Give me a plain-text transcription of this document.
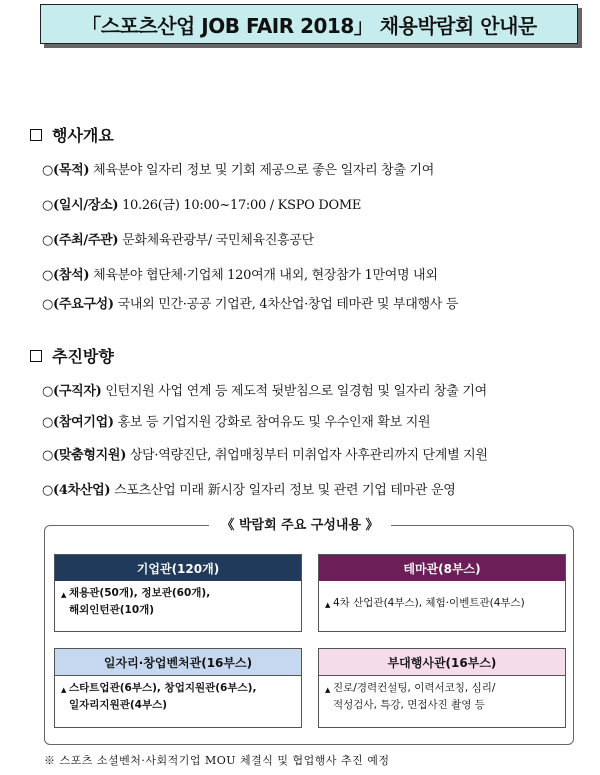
「스포츠산업 JOB FAIR 2018」 채용박람회 안내문
행사개요
○(목적) 체육분야 일자리 정보 및 기회 제공으로 좋은 일자리 창출 기여
○(일시/장소) 10.26(금) 10:00~17:00 / KSPO DOME
○(주최/주관) 문화체육관광부/ 국민체육진흥공단
○(참석) 체육분야 협단체·기업체 120여개 내외, 현장참가 1만여명 내외
○(주요구성) 국내외 민간·공공 기업관, 4차산업·창업 테마관 및 부대행사 등
추진방향
○(구직자) 인턴지원 사업 연계 등 제도적 뒷받침으로 일경험 및 일자리 창출 기여
○(참여기업) 홍보 등 기업지원 강화로 참여유도 및 우수인재 확보 지원
○(맞춤형지원) 상담·역량진단, 취업매칭부터 미취업자 사후관리까지 단계별 지원
○(4차산업) 스포츠산업 미래 新시장 일자리 정보 및 관련 기업 테마관 운영
《 박람회 주요 구성내용 》
기업관(120개)
▲ 채용관(50개), 정보관(60개),
해외인턴관(10개)
테마관(8부스)
▲ 4차 산업관(4부스), 체험·이벤트관(4부스)
일자리·창업벤처관(16부스)
▲ 스타트업관(6부스), 창업지원관(6부스),
일자리지원관(4부스)
부대행사관(16부스)
▲ 진로/경력컨설팅, 이력서코칭, 심리/
적성검사, 특강, 면접사진 촬영 등
※ 스포츠 소셜벤처·사회적기업 MOU 체결식 및 협업행사 추진 예정
